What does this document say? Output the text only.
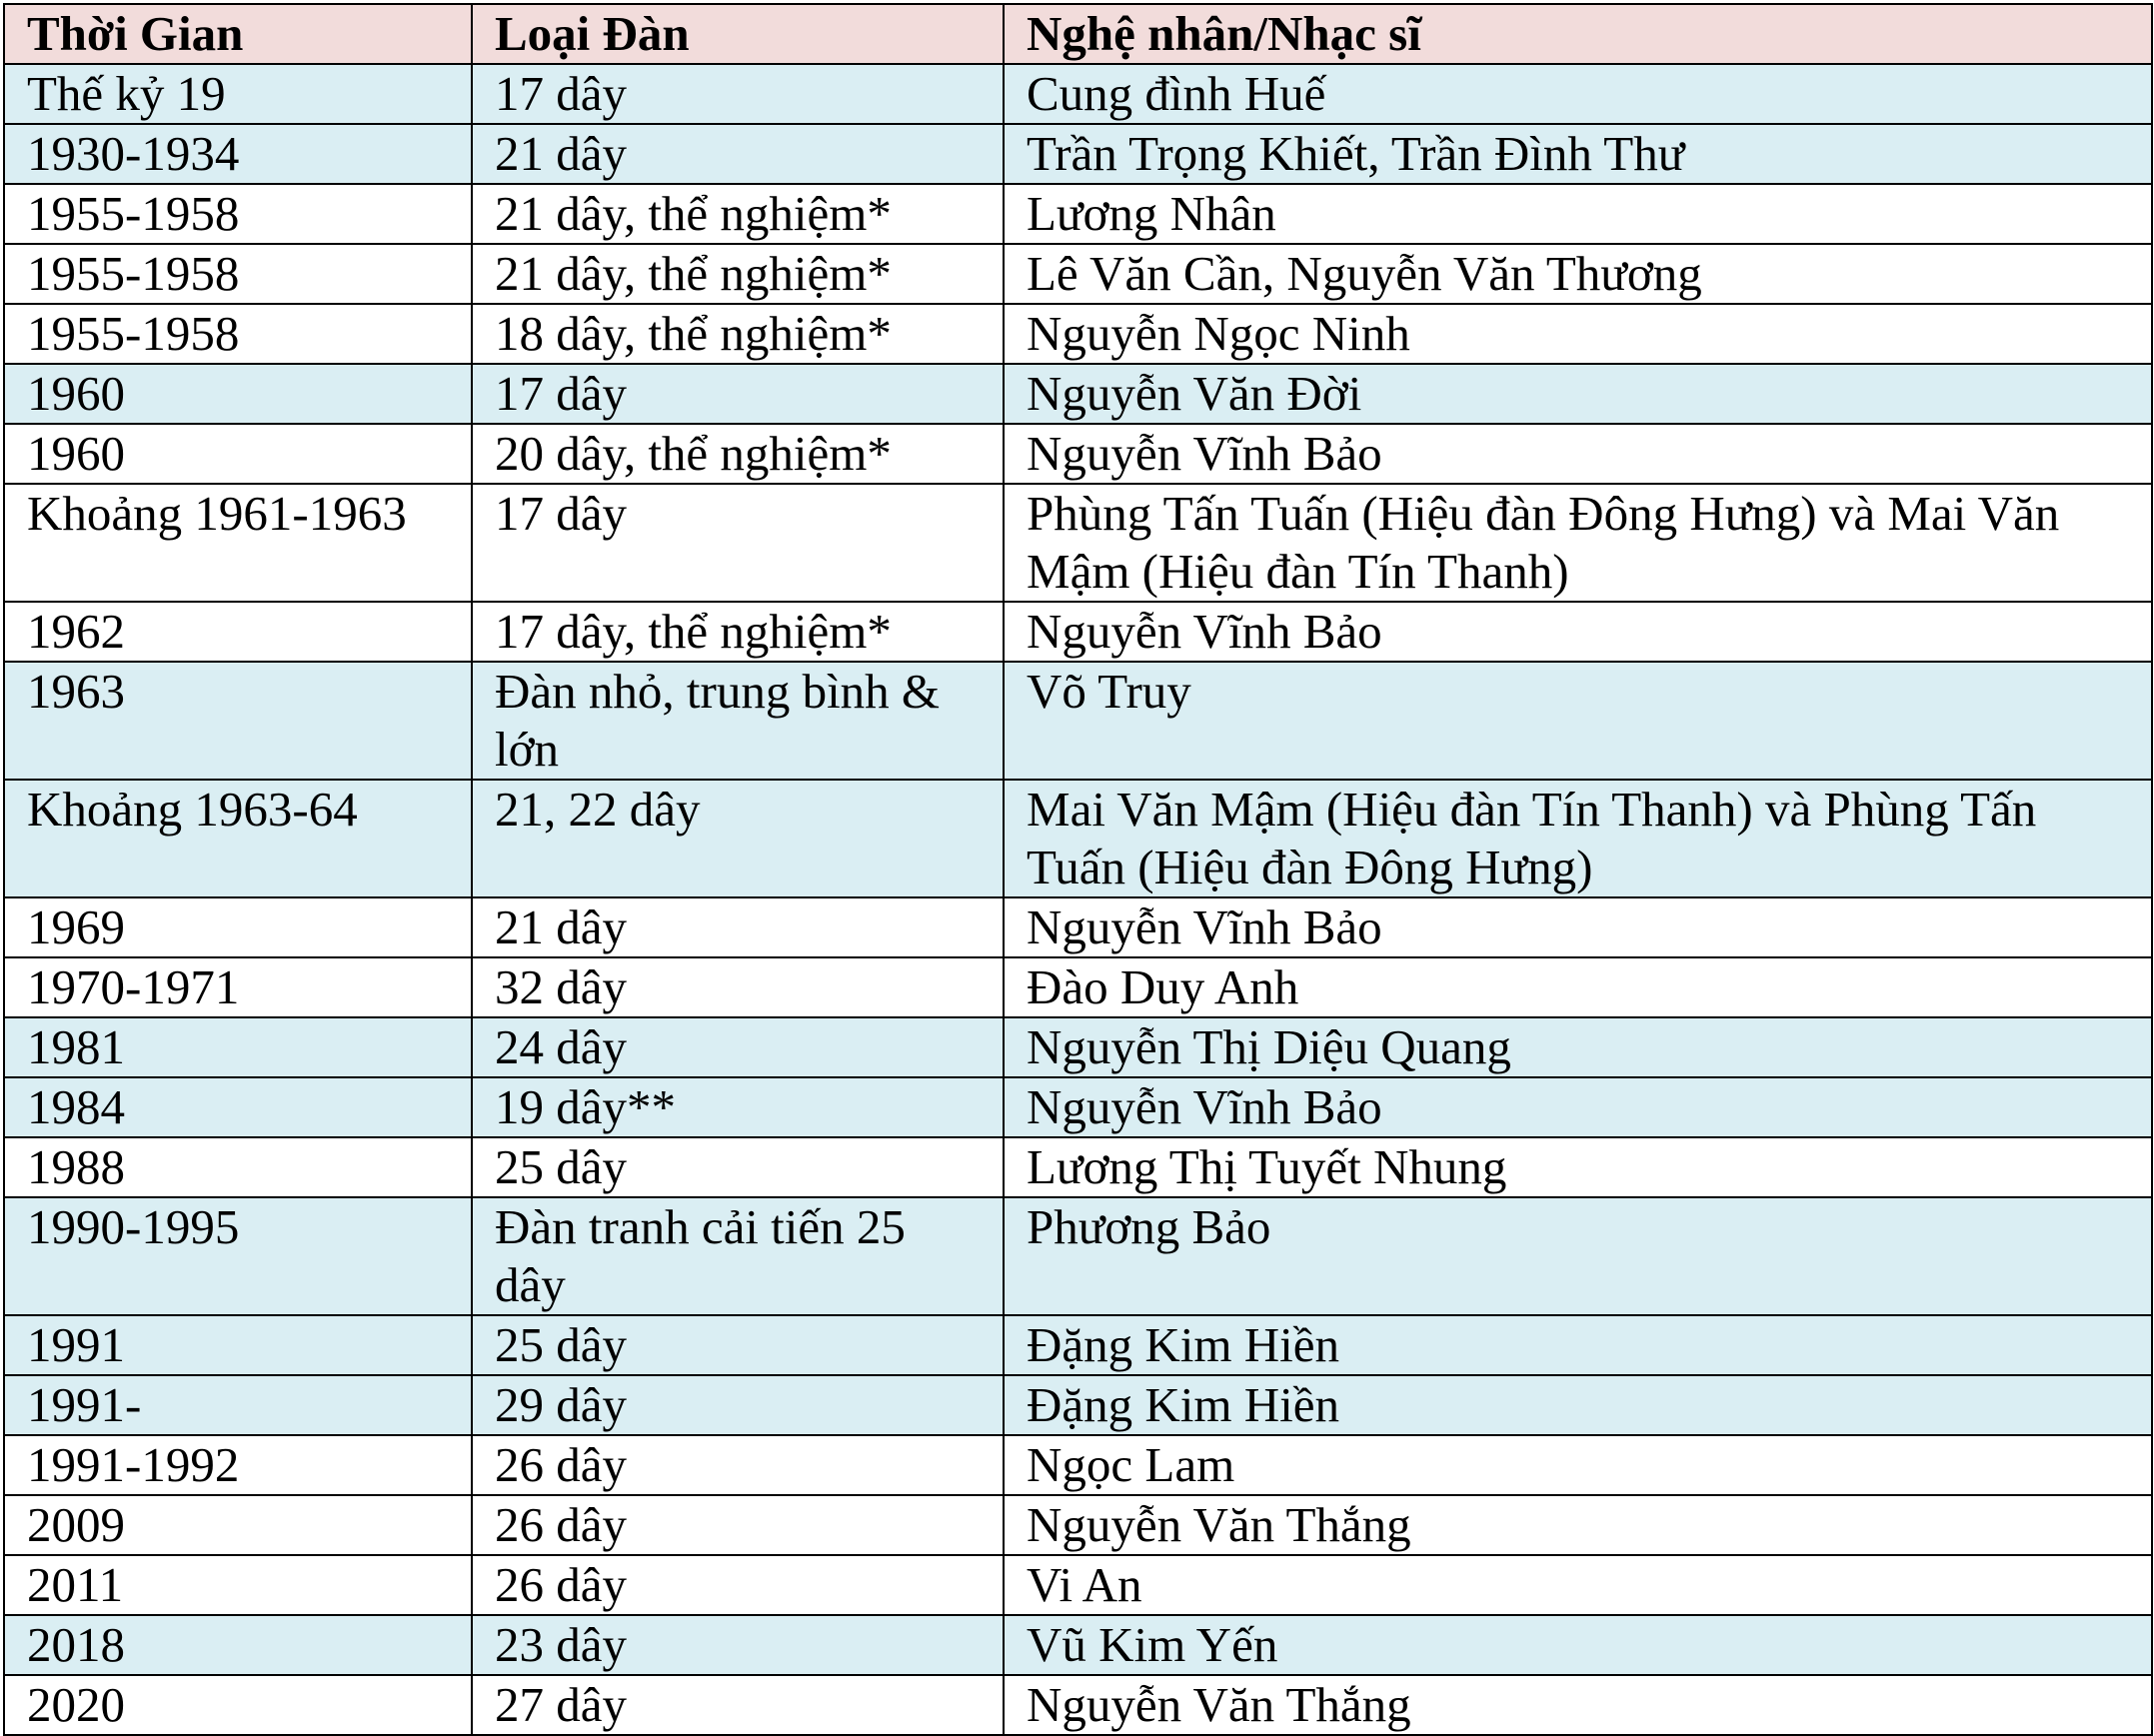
Thời Gian	Loại Đàn	Nghệ nhân/Nhạc sĩ
Thế kỷ 19	17 dây	Cung đình Huế
1930-1934	21 dây	Trần Trọng Khiết, Trần Đình Thư
1955-1958	21 dây, thể nghiệm*	Lương Nhân
1955-1958	21 dây, thể nghiệm*	Lê Văn Cần, Nguyễn Văn Thương
1955-1958	18 dây, thể nghiệm*	Nguyễn Ngọc Ninh
1960	17 dây	Nguyễn Văn Đời
1960	20 dây, thể nghiệm*	Nguyễn Vĩnh Bảo
Khoảng 1961-1963	17 dây	Phùng Tấn Tuấn (Hiệu đàn Đông Hưng) và Mai Văn Mậm (Hiệu đàn Tín Thanh)
1962	17 dây, thể nghiệm*	Nguyễn Vĩnh Bảo
1963	Đàn nhỏ, trung bình & lớn	Võ Truy
Khoảng 1963-64	21, 22 dây	Mai Văn Mậm (Hiệu đàn Tín Thanh) và Phùng Tấn Tuấn (Hiệu đàn Đông Hưng)
1969	21 dây	Nguyễn Vĩnh Bảo
1970-1971	32 dây	Đào Duy Anh
1981	24 dây	Nguyễn Thị Diệu Quang
1984	19 dây**	Nguyễn Vĩnh Bảo
1988	25 dây	Lương Thị Tuyết Nhung
1990-1995	Đàn tranh cải tiến 25 dây	Phương Bảo
1991	25 dây	Đặng Kim Hiền
1991-	29 dây	Đặng Kim Hiền
1991-1992	26 dây	Ngọc Lam
2009	26 dây	Nguyễn Văn Thắng
2011	26 dây	Vi An
2018	23 dây	Vũ Kim Yến
2020	27 dây	Nguyễn Văn Thắng
